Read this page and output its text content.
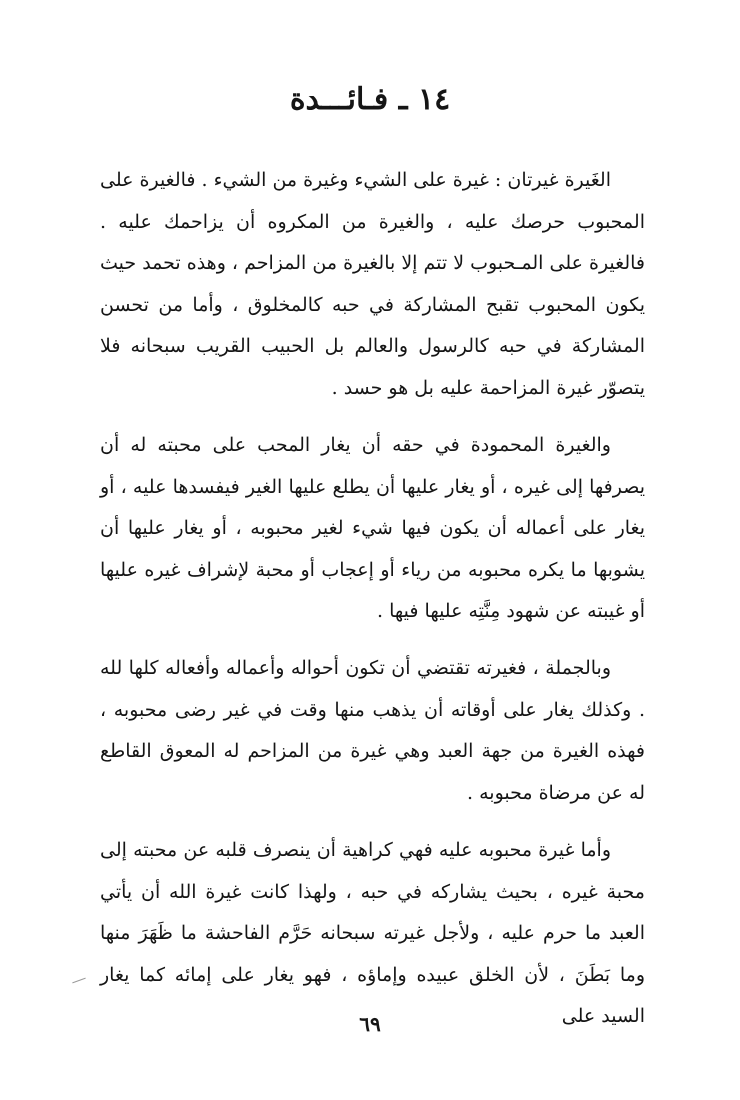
١٤ ـ فـائـــدة
الغَيرة غيرتان : غيرة على الشيء وغيرة من الشيء . فالغيرة على المحبوب حرصك عليه ، والغيرة من المكروه أن يزاحمك عليه . فالغيرة على المـحبوب لا تتم إلا بالغيرة من المزاحم ، وهذه تحمد حيث يكون المحبوب تقبح المشاركة في حبه كالمخلوق ، وأما من تحسن المشاركة في حبه كالرسول والعالم بل الحبيب القريب سبحانه فلا يتصوّر غيرة المزاحمة عليه بل هو حسد .
والغيرة المحمودة في حقه أن يغار المحب على محبته له أن يصرفها إلى غيره ، أو يغار عليها أن يطلع عليها الغير فيفسدها عليه ، أو يغار على أعماله أن يكون فيها شيء لغير محبوبه ، أو يغار عليها أن يشوبها ما يكره محبوبه من رياء أو إعجاب أو محبة لإشراف غيره عليها أو غيبته عن شهود مِنَّتِه عليها فيها .
وبالجملة ، فغيرته تقتضي أن تكون أحواله وأعماله وأفعاله كلها لله . وكذلك يغار على أوقاته أن يذهب منها وقت في غير رضى محبوبه ، فهذه الغيرة من جهة العبد وهي غيرة من المزاحم له المعوق القاطع له عن مرضاة محبوبه .
وأما غيرة محبوبه عليه فهي كراهية أن ينصرف قلبه عن محبته إلى محبة غيره ، بحيث يشاركه في حبه ، ولهذا كانت غيرة الله أن يأتي العبد ما حرم عليه ، ولأجل غيرته سبحانه حَرَّم الفاحشة ما ظَهَرَ منها وما بَطَنَ ، لأن الخلق عبيده وإماؤه ، فهو يغار على إمائه كما يغار السيد على
٦٩
